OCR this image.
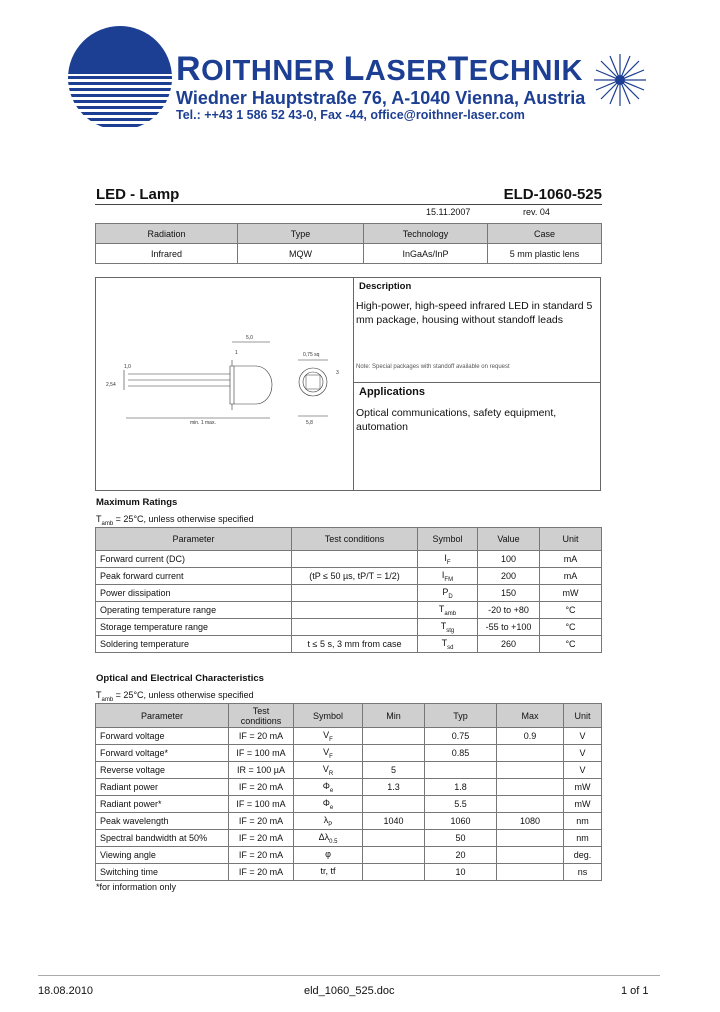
ROITHNER LASERTECHNIK
Wiedner Hauptstraße 76, A-1040 Vienna, Austria
Tel.: ++43 1 586 52 43-0, Fax -44, office@roithner-laser.com
LED - Lamp	ELD-1060-525
15.11.2007	rev. 04
Radiation	Type	Technology	Case
Infrared	MQW	InGaAs/InP	5 mm plastic lens
Description
High-power, high-speed infrared LED in standard 5 mm package, housing without standoff leads
Note: Special packages with standoff available on request
Applications
Optical communications, safety equipment, automation
5,0
1	0,75 sq
3
2,54
1,0
min. 1 max.	5,8
Maximum Ratings
$T_{amb} = 25^\circ C$, unless otherwise specified
Parameter	Test conditions	Symbol	Value	Unit
Forward current (DC)		$I_F$	100	mA
Peak forward current	(tP ≤ 50 µs, tP/T = 1/2)	$I_{FM}$	200	mA
Power dissipation		$P_D$	150	mW
Operating temperature range		$T_{amb}$	-20 to +80	°C
Storage temperature range		$T_{stg}$	-55 to +100	°C
Soldering temperature	t ≤ 5 s, 3 mm from case	$T_{sd}$	260	°C
Optical and Electrical Characteristics
$T_{amb} = 25^\circ C$, unless otherwise specified
Parameter	Test conditions	Symbol	Min	Typ	Max	Unit
Forward voltage	IF = 20 mA	$V_F$		0.75	0.9	V
Forward voltage*	IF = 100 mA	$V_F$		0.85		V
Reverse voltage	IR = 100 µA	$V_R$	5			V
Radiant power	IF = 20 mA	$\Phi_e$	1.3	1.8		mW
Radiant power*	IF = 100 mA	$\Phi_e$		5.5		mW
Peak wavelength	IF = 20 mA	$\lambda_P$	1040	1060	1080	nm
Spectral bandwidth at 50%	IF = 20 mA	$\Delta\lambda_{0.5}$		50		nm
Viewing angle	IF = 20 mA	φ		20		deg.
Switching time	IF = 20 mA	tr, tf		10		ns
*for information only
18.08.2010	eld_1060_525.doc	1 of 1
